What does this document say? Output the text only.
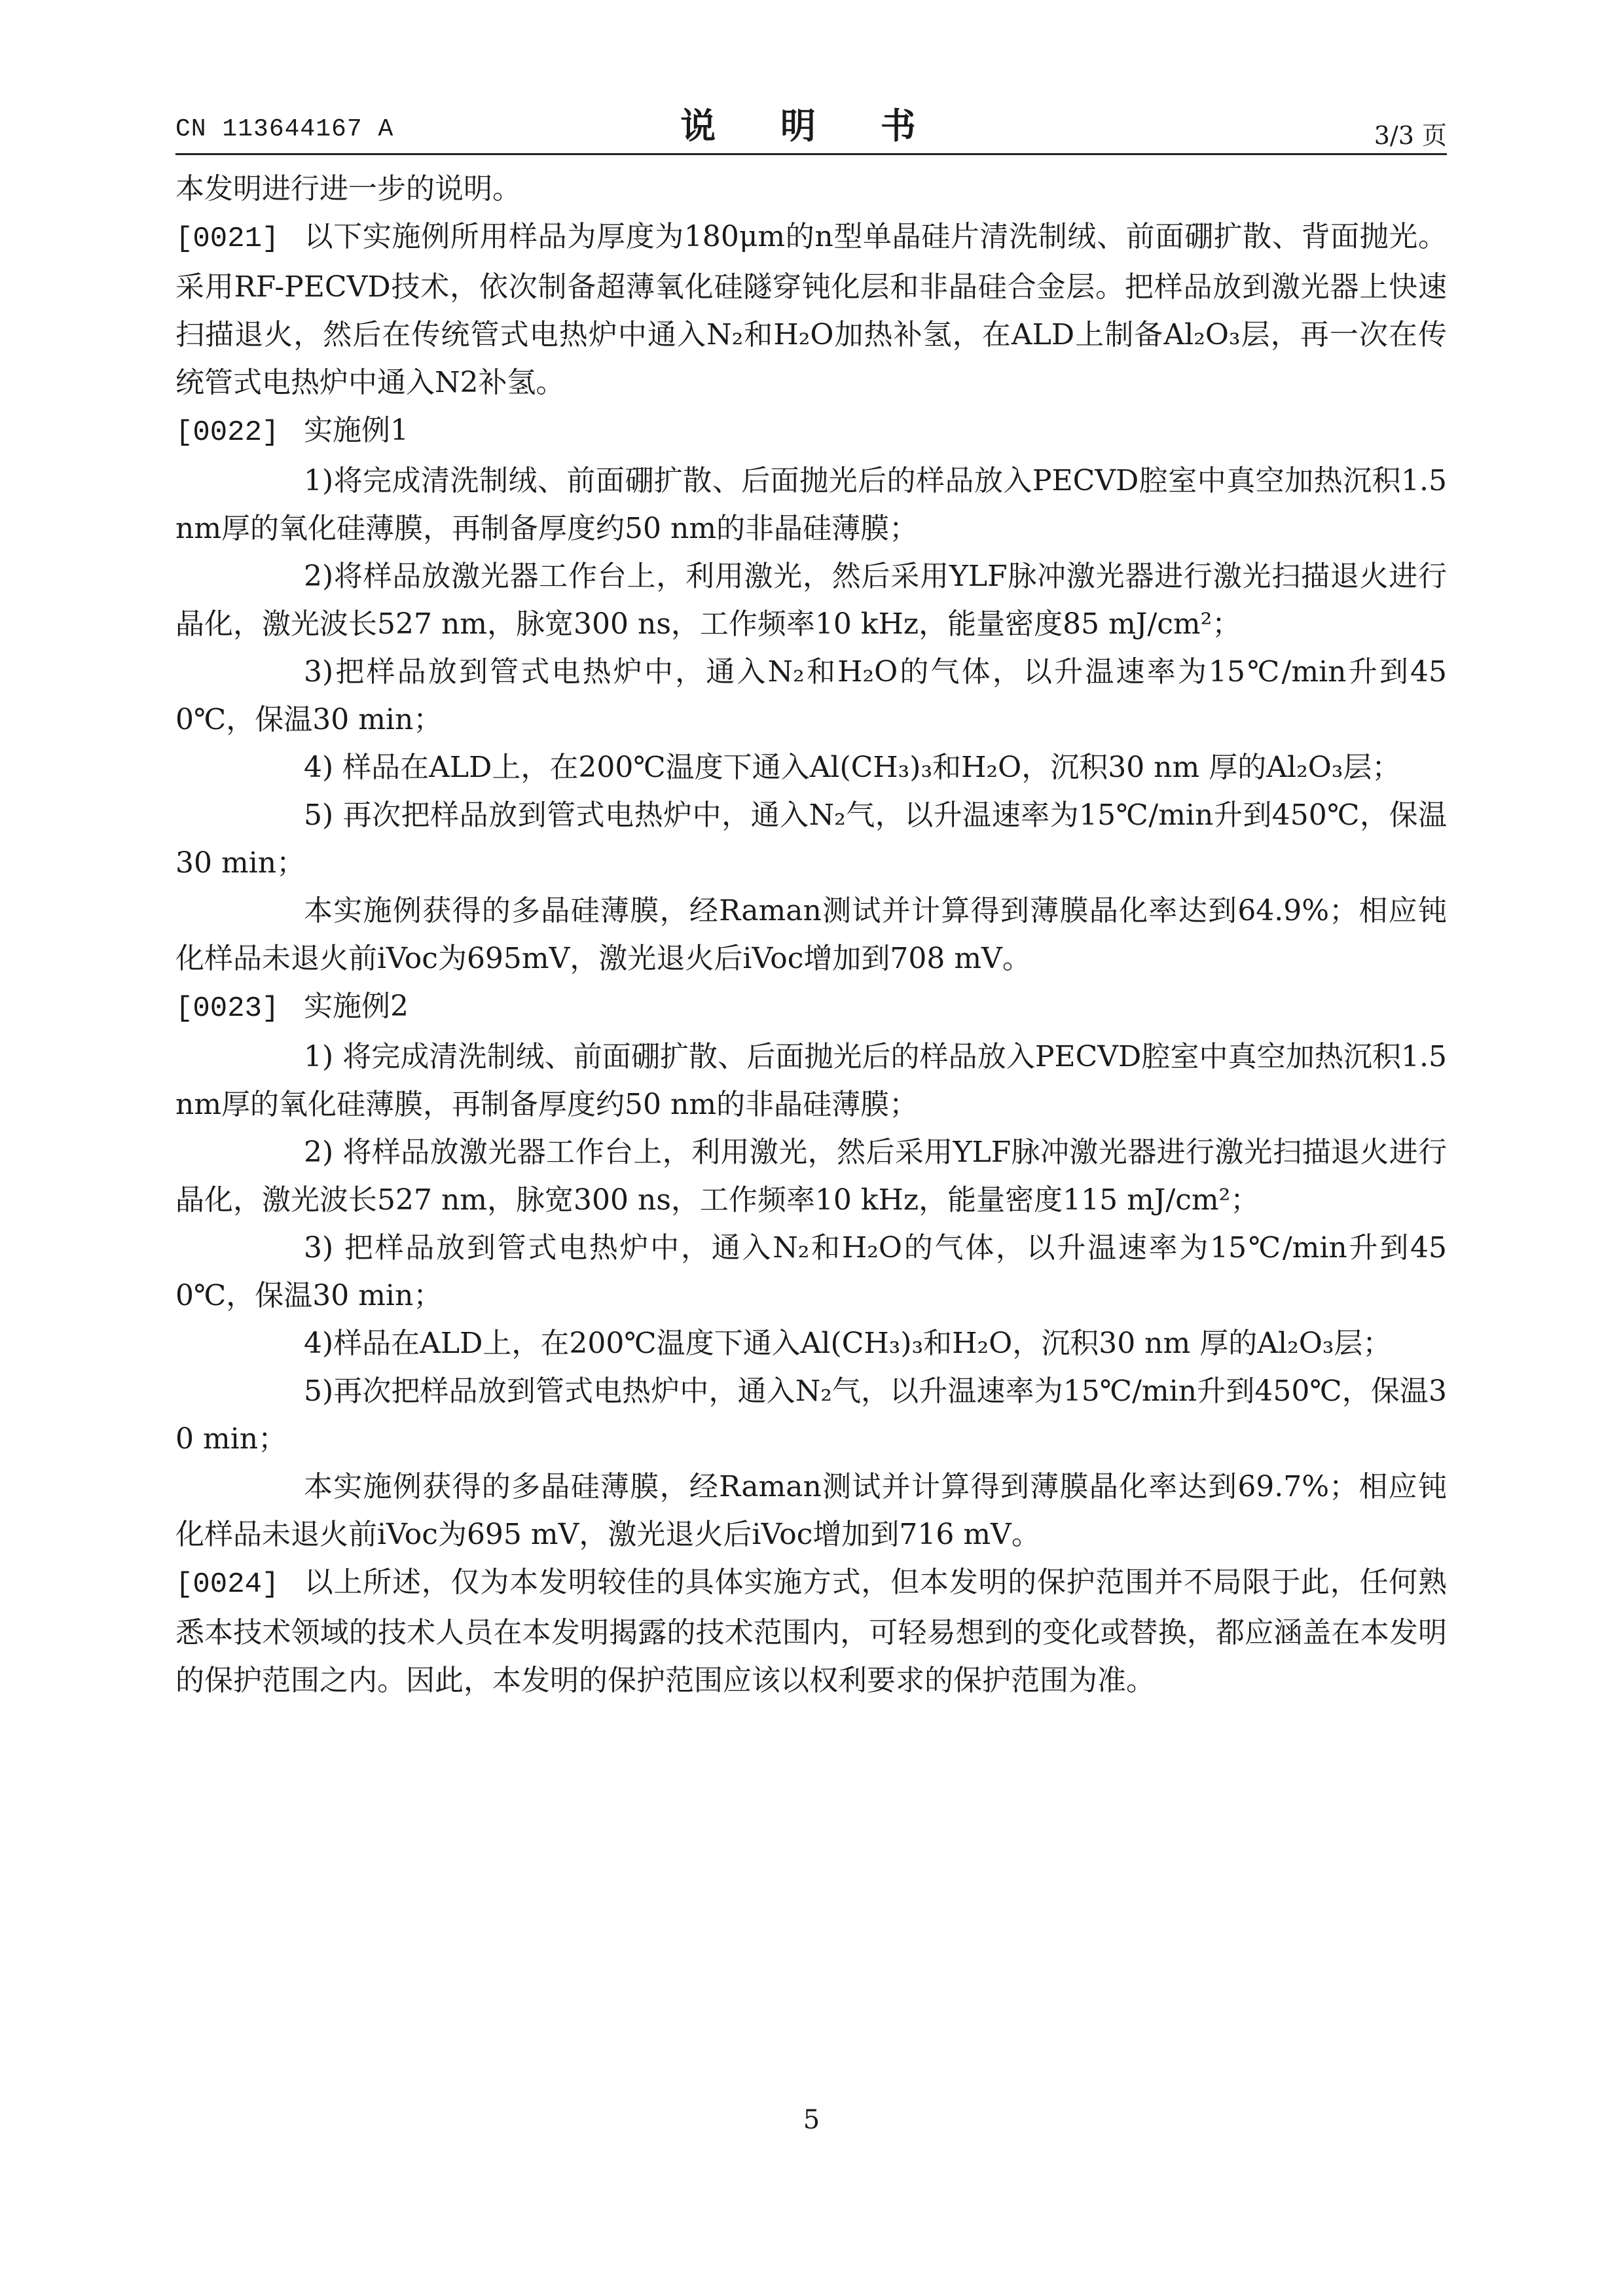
CN 113644167 A	说 明 书	3/3 页

本发明进行进一步的说明。

[0021] 以下实施例所用样品为厚度为180μm的n型单晶硅片清洗制绒、前面硼扩散、背面抛光。采用RF-PECVD技术，依次制备超薄氧化硅隧穿钝化层和非晶硅合金层。把样品放到激光器上快速扫描退火，然后在传统管式电热炉中通入N₂和H₂O加热补氢，在ALD上制备Al₂O₃层，再一次在传统管式电热炉中通入N2补氢。

[0022] 实施例1

1)将完成清洗制绒、前面硼扩散、后面抛光后的样品放入PECVD腔室中真空加热沉积1.5 nm厚的氧化硅薄膜，再制备厚度约50 nm的非晶硅薄膜；

2)将样品放激光器工作台上，利用激光，然后采用YLF脉冲激光器进行激光扫描退火进行晶化，激光波长527 nm，脉宽300 ns，工作频率10 kHz，能量密度85 mJ/cm²；

3)把样品放到管式电热炉中，通入N₂和H₂O的气体，以升温速率为15℃/min升到450℃，保温30 min；

4) 样品在ALD上，在200℃温度下通入Al(CH₃)₃和H₂O，沉积30 nm 厚的Al₂O₃层；

5) 再次把样品放到管式电热炉中，通入N₂气，以升温速率为15℃/min升到450℃，保温30 min；

本实施例获得的多晶硅薄膜，经Raman测试并计算得到薄膜晶化率达到64.9%；相应钝化样品未退火前iVoc为695mV，激光退火后iVoc增加到708 mV。

[0023] 实施例2

1) 将完成清洗制绒、前面硼扩散、后面抛光后的样品放入PECVD腔室中真空加热沉积1.5 nm厚的氧化硅薄膜，再制备厚度约50 nm的非晶硅薄膜；

2) 将样品放激光器工作台上，利用激光，然后采用YLF脉冲激光器进行激光扫描退火进行晶化，激光波长527 nm，脉宽300 ns，工作频率10 kHz，能量密度115 mJ/cm²；

3) 把样品放到管式电热炉中，通入N₂和H₂O的气体，以升温速率为15℃/min升到450℃，保温30 min；

4)样品在ALD上，在200℃温度下通入Al(CH₃)₃和H₂O，沉积30 nm 厚的Al₂O₃层；

5)再次把样品放到管式电热炉中，通入N₂气，以升温速率为15℃/min升到450℃，保温30 min；

本实施例获得的多晶硅薄膜，经Raman测试并计算得到薄膜晶化率达到69.7%；相应钝化样品未退火前iVoc为695 mV，激光退火后iVoc增加到716 mV。

[0024] 以上所述，仅为本发明较佳的具体实施方式，但本发明的保护范围并不局限于此，任何熟悉本技术领域的技术人员在本发明揭露的技术范围内，可轻易想到的变化或替换，都应涵盖在本发明的保护范围之内。因此，本发明的保护范围应该以权利要求的保护范围为准。

5
